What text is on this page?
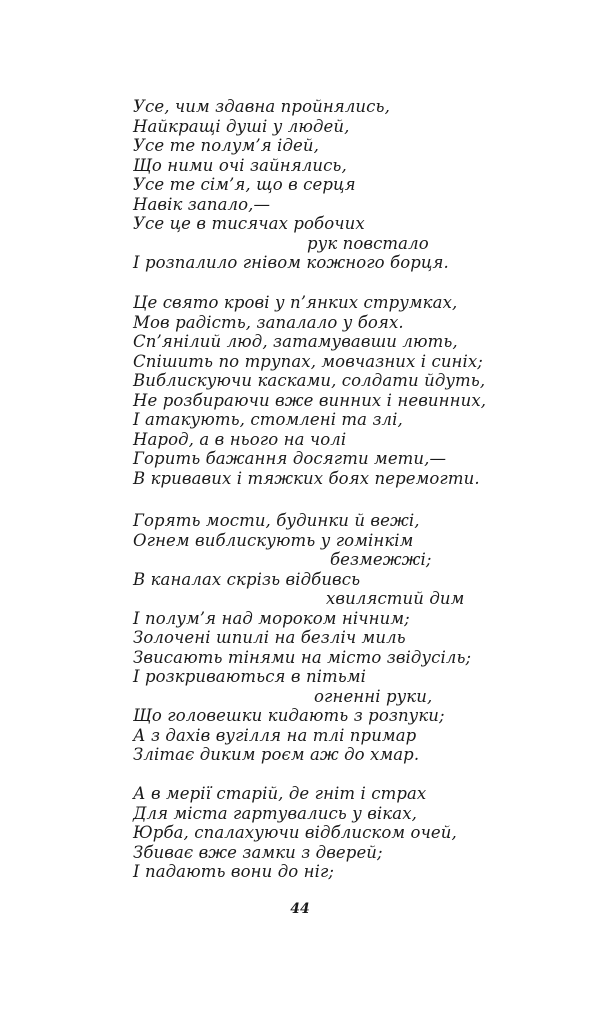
Усе, чим здавна пройнялись,
Найкращі душі у людей,
Усе те полум’я ідей,
Що ними очі зайнялись,
Усе те сім’я, що в серця
Навік запало,—
Усе це в тисячах робочих
рук повстало
І розпалило гнівом кожного борця.
Це свято крові у п’янких струмках,
Мов радість, запалало у боях.
Сп’янілий люд, затамувавши лють,
Спішить по трупах, мовчазних і синіх;
Виблискуючи касками, солдати йдуть,
Не розбираючи вже винних і невинних,
І атакують, стомлені та злі,
Народ, а в нього на чолі
Горить бажання досягти мети,—
В кривавих і тяжких боях перемогти.
Горять мости, будинки й вежі,
Огнем виблискують у гомінкім
безмежжі;
В каналах скрізь відбивсь
хвилястий дим
І полум’я над мороком нічним;
Золочені шпилі на безліч миль
Звисають тінями на місто звідусіль;
І розкриваються в пітьмі
огненні руки,
Що головешки кидають з розпуки;
А з дахів вугілля на тлі примар
Злітає диким роєм аж до хмар.
А в мерії старій, де гніт і страх
Для міста гартувались у віках,
Юрба, спалахуючи відблиском очей,
Збиває вже замки з дверей;
І падають вони до ніг;
44
